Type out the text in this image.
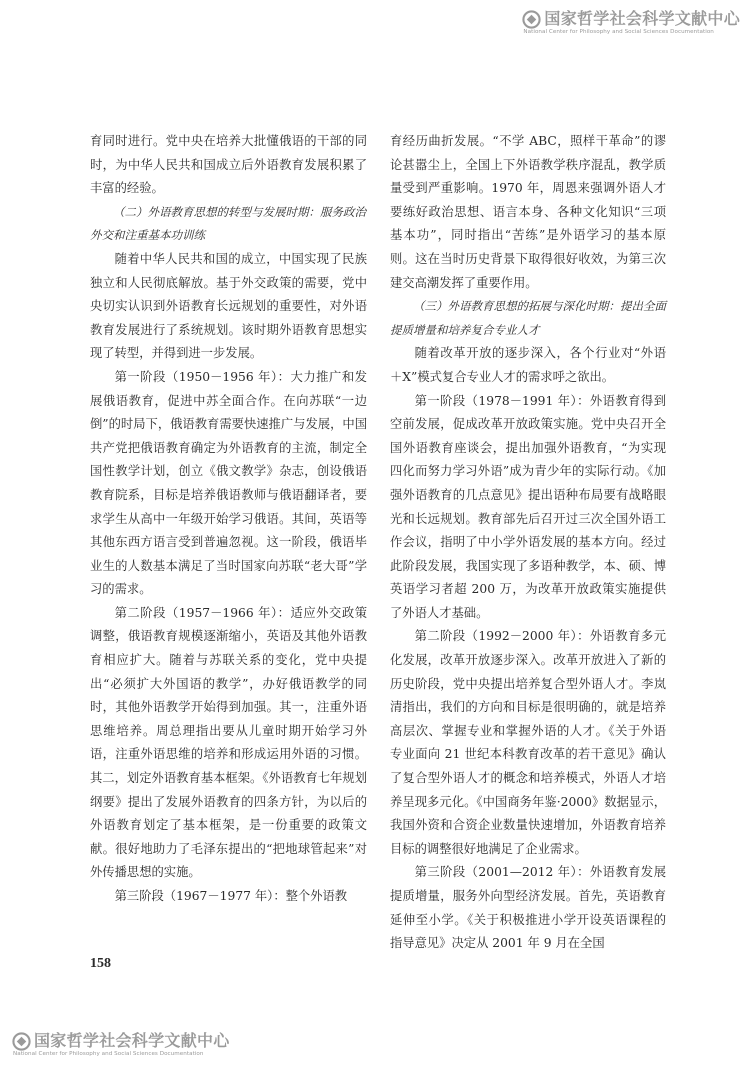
国家哲学社会科学文献中心
National Center for Philosophy and Social Sciences Documentation

育同时进行。党中央在培养大批懂俄语的干部的同时，为中华人民共和国成立后外语教育发展积累了丰富的经验。

（二）外语教育思想的转型与发展时期：服务政治外交和注重基本功训练

随着中华人民共和国的成立，中国实现了民族独立和人民彻底解放。基于外交政策的需要，党中央切实认识到外语教育长远规划的重要性，对外语教育发展进行了系统规划。该时期外语教育思想实现了转型，并得到进一步发展。

第一阶段（1950－1956 年）：大力推广和发展俄语教育，促进中苏全面合作。在向苏联“一边倒”的时局下，俄语教育需要快速推广与发展，中国共产党把俄语教育确定为外语教育的主流，制定全国性教学计划，创立《俄文教学》杂志，创设俄语教育院系，目标是培养俄语教师与俄语翻译者，要求学生从高中一年级开始学习俄语。其间，英语等其他东西方语言受到普遍忽视。这一阶段，俄语毕业生的人数基本满足了当时国家向苏联“老大哥”学习的需求。

第二阶段（1957－1966 年）：适应外交政策调整，俄语教育规模逐渐缩小，英语及其他外语教育相应扩大。随着与苏联关系的变化，党中央提出“必须扩大外国语的教学”，办好俄语教学的同时，其他外语教学开始得到加强。其一，注重外语思维培养。周总理指出要从儿童时期开始学习外语，注重外语思维的培养和形成运用外语的习惯。其二，划定外语教育基本框架。《外语教育七年规划纲要》提出了发展外语教育的四条方针，为以后的外语教育划定了基本框架，是一份重要的政策文献。很好地助力了毛泽东提出的“把地球管起来”对外传播思想的实施。

第三阶段（1967－1977 年）：整个外语教

育经历曲折发展。“不学 ABC，照样干革命”的谬论甚嚣尘上，全国上下外语教学秩序混乱，教学质量受到严重影响。1970 年，周恩来强调外语人才要练好政治思想、语言本身、各种文化知识“三项基本功”，同时指出“苦练”是外语学习的基本原则。这在当时历史背景下取得很好收效，为第三次建交高潮发挥了重要作用。

（三）外语教育思想的拓展与深化时期：提出全面提质增量和培养复合专业人才

随着改革开放的逐步深入，各个行业对“外语＋X”模式复合专业人才的需求呼之欲出。

第一阶段（1978－1991 年）：外语教育得到空前发展，促成改革开放政策实施。党中央召开全国外语教育座谈会，提出加强外语教育，“为实现四化而努力学习外语”成为青少年的实际行动。《加强外语教育的几点意见》提出语种布局要有战略眼光和长远规划。教育部先后召开过三次全国外语工作会议，指明了中小学外语发展的基本方向。经过此阶段发展，我国实现了多语种教学，本、硕、博英语学习者超 200 万，为改革开放政策实施提供了外语人才基础。

第二阶段（1992－2000 年）：外语教育多元化发展，改革开放逐步深入。改革开放进入了新的历史阶段，党中央提出培养复合型外语人才。李岚清指出，我们的方向和目标是很明确的，就是培养高层次、掌握专业和掌握外语的人才。《关于外语专业面向 21 世纪本科教育改革的若干意见》确认了复合型外语人才的概念和培养模式，外语人才培养呈现多元化。《中国商务年鉴·2000》数据显示，我国外资和合资企业数量快速增加，外语教育培养目标的调整很好地满足了企业需求。

第三阶段（2001—2012 年）：外语教育发展提质增量，服务外向型经济发展。首先，英语教育延伸至小学。《关于积极推进小学开设英语课程的指导意见》决定从 2001 年 9 月在全国

158
国家哲学社会科学文献中心
National Center for Philosophy and Social Sciences Documentation
